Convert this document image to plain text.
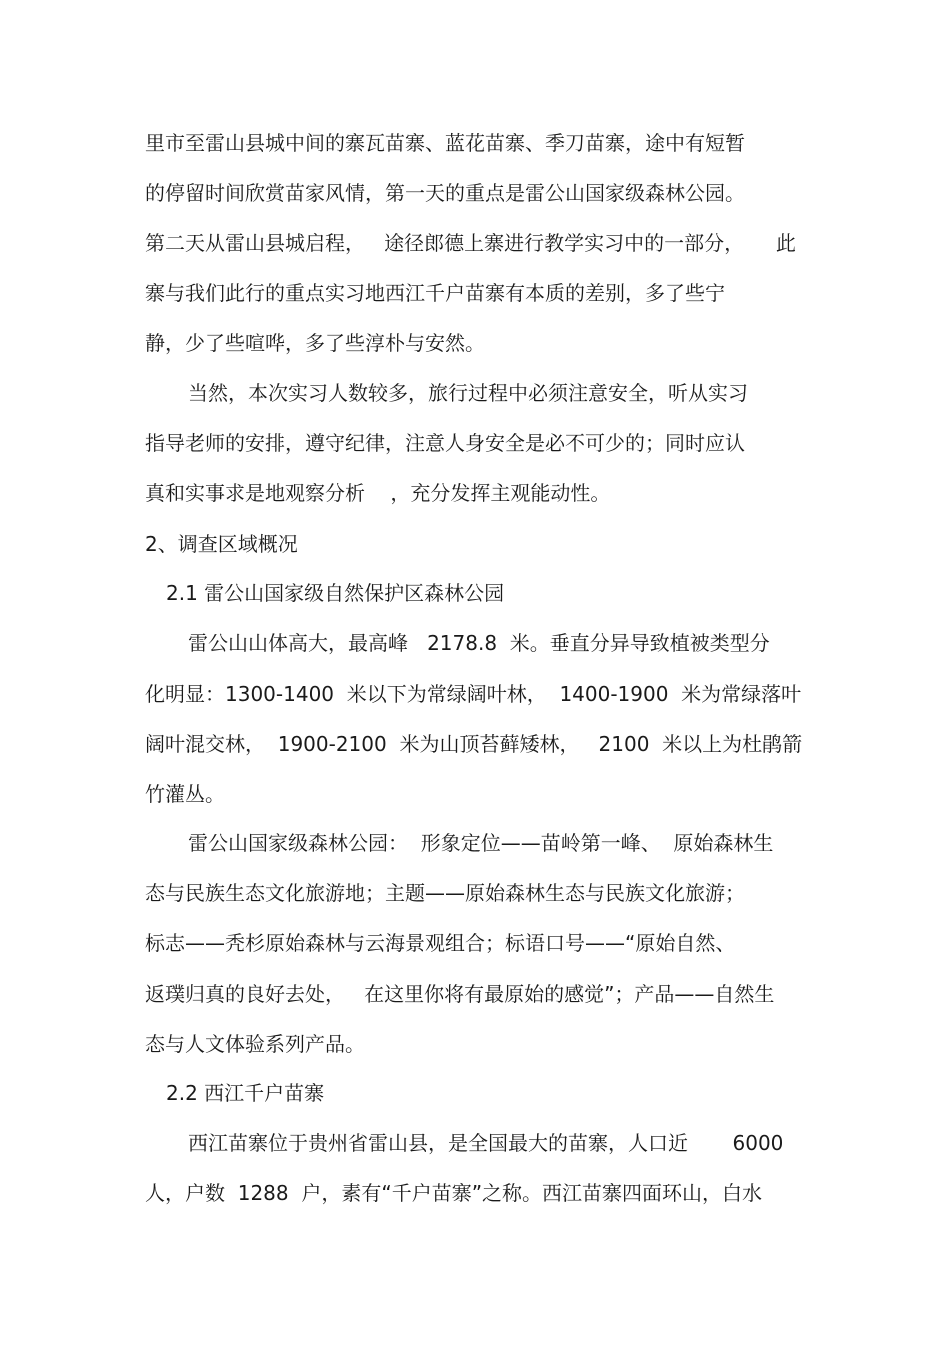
里市至雷山县城中间的寨瓦苗寨、蓝花苗寨、季刀苗寨，途中有短暂

的停留时间欣赏苗家风情，第一天的重点是雷公山国家级森林公园。

第二天从雷山县城启程，   途径郎德上寨进行教学实习中的一部分，     此

寨与我们此行的重点实习地西江千户苗寨有本质的差别，多了些宁

静，少了些喧哗，多了些淳朴与安然。

当然，本次实习人数较多，旅行过程中必须注意安全，听从实习

指导老师的安排，遵守纪律，注意人身安全是必不可少的；同时应认

真和实事求是地观察分析    ，充分发挥主观能动性。

2、调查区域概况

2.1 雷公山国家级自然保护区森林公园

雷公山山体高大，最高峰   2178.8  米。垂直分异导致植被类型分

化明显：1300-1400  米以下为常绿阔叶林，  1400-1900  米为常绿落叶

阔叶混交林，  1900-2100  米为山顶苔藓矮林，   2100  米以上为杜鹃箭

竹灌丛。

雷公山国家级森林公园：  形象定位——苗岭第一峰、  原始森林生

态与民族生态文化旅游地；主题——原始森林生态与民族文化旅游；

标志——秃杉原始森林与云海景观组合；标语口号——“原始自然、

返璞归真的良好去处，   在这里你将有最原始的感觉”；产品——自然生

态与人文体验系列产品。

2.2 西江千户苗寨

西江苗寨位于贵州省雷山县，是全国最大的苗寨，人口近       6000

人，户数  1288  户，素有“千户苗寨”之称。西江苗寨四面环山，白水
